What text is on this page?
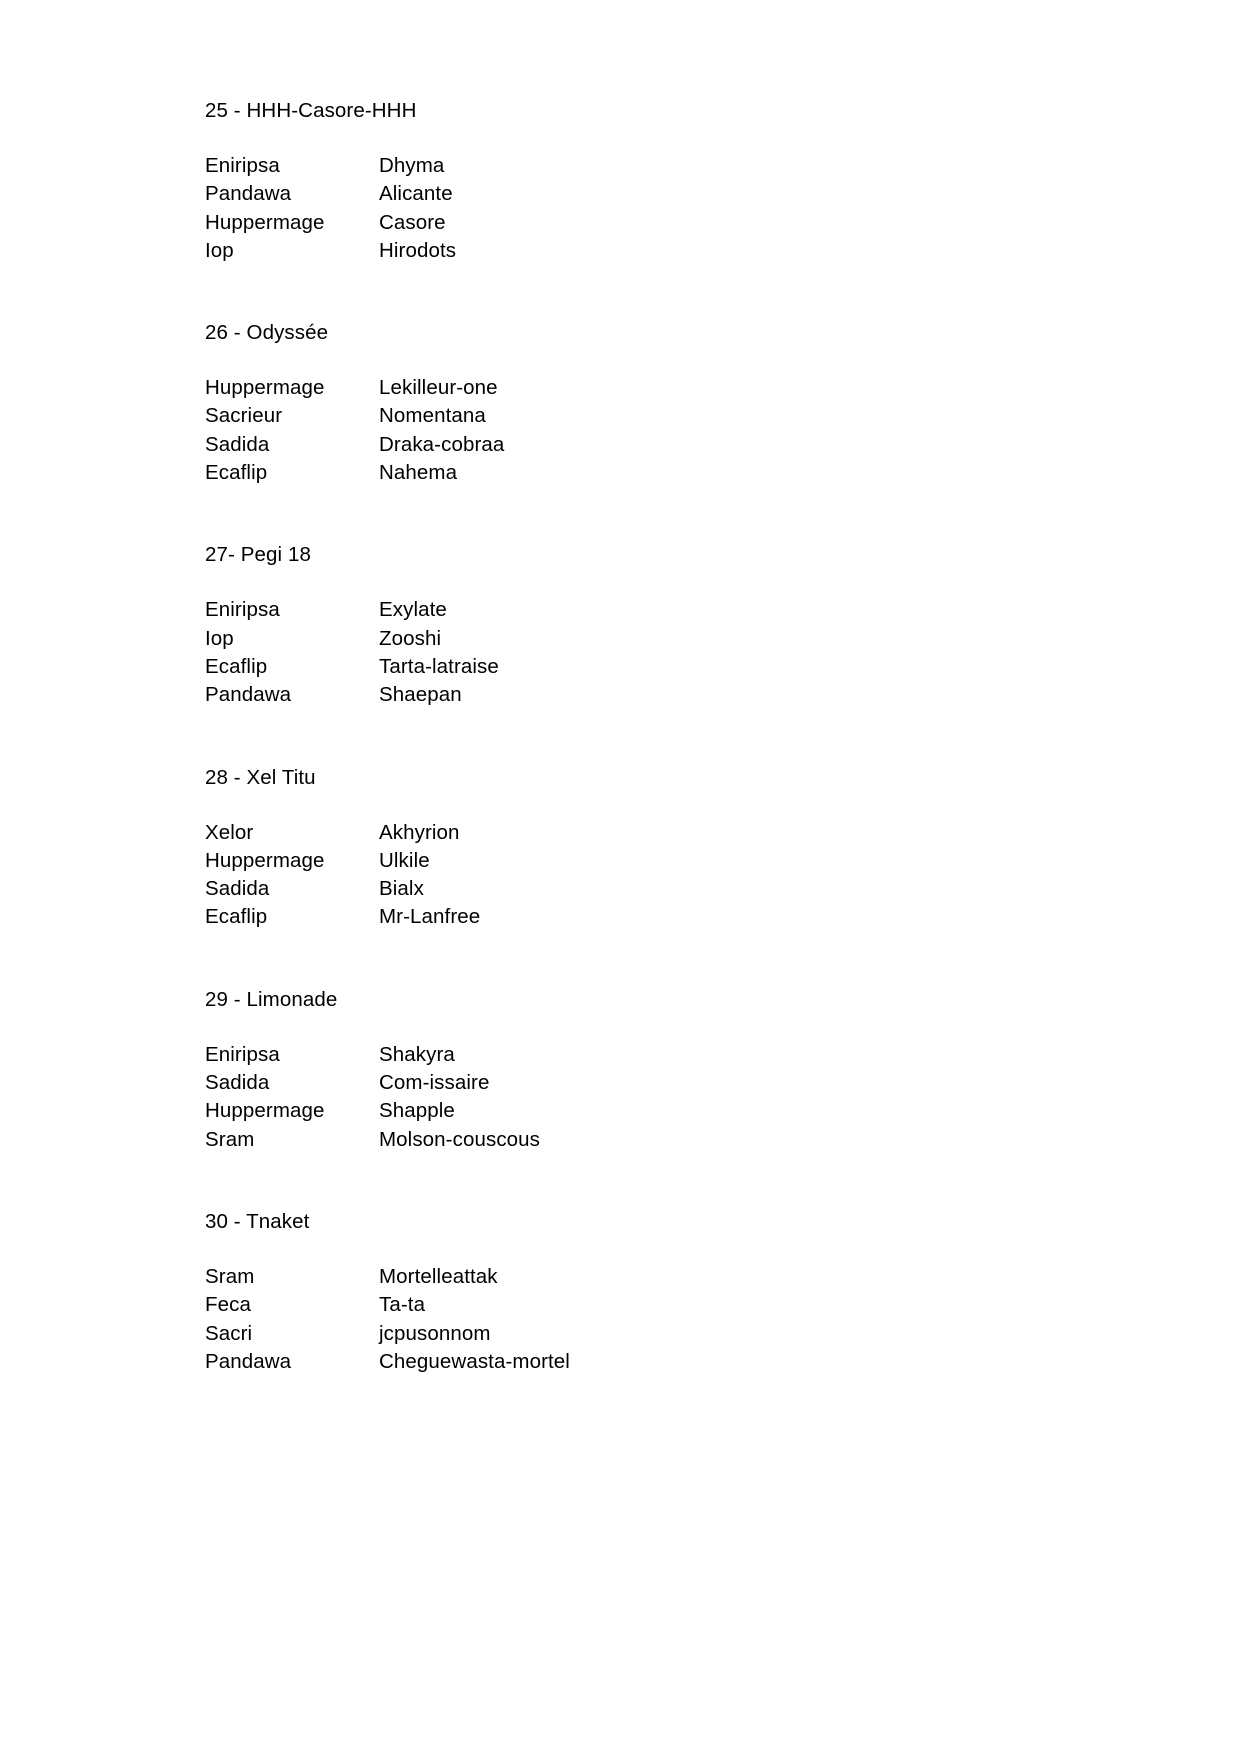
25 - HHH-Casore-HHH
Eniripsa	Dhyma
Pandawa	Alicante
Huppermage	Casore
Iop	Hirodots
26 - Odyssée
Huppermage	Lekilleur-one
Sacrieur	Nomentana
Sadida	Draka-cobraa
Ecaflip	Nahema
27- Pegi 18
Eniripsa	Exylate
Iop	Zooshi
Ecaflip	Tarta-latraise
Pandawa	Shaepan
28 - Xel Titu
Xelor	Akhyrion
Huppermage	Ulkile
Sadida	Bialx
Ecaflip	Mr-Lanfree
29 - Limonade
Eniripsa	Shakyra
Sadida	Com-issaire
Huppermage	Shapple
Sram	Molson-couscous
30 - Tnaket
Sram	Mortelleattak
Feca	Ta-ta
Sacri	jcpusonnom
Pandawa	Cheguewasta-mortel
